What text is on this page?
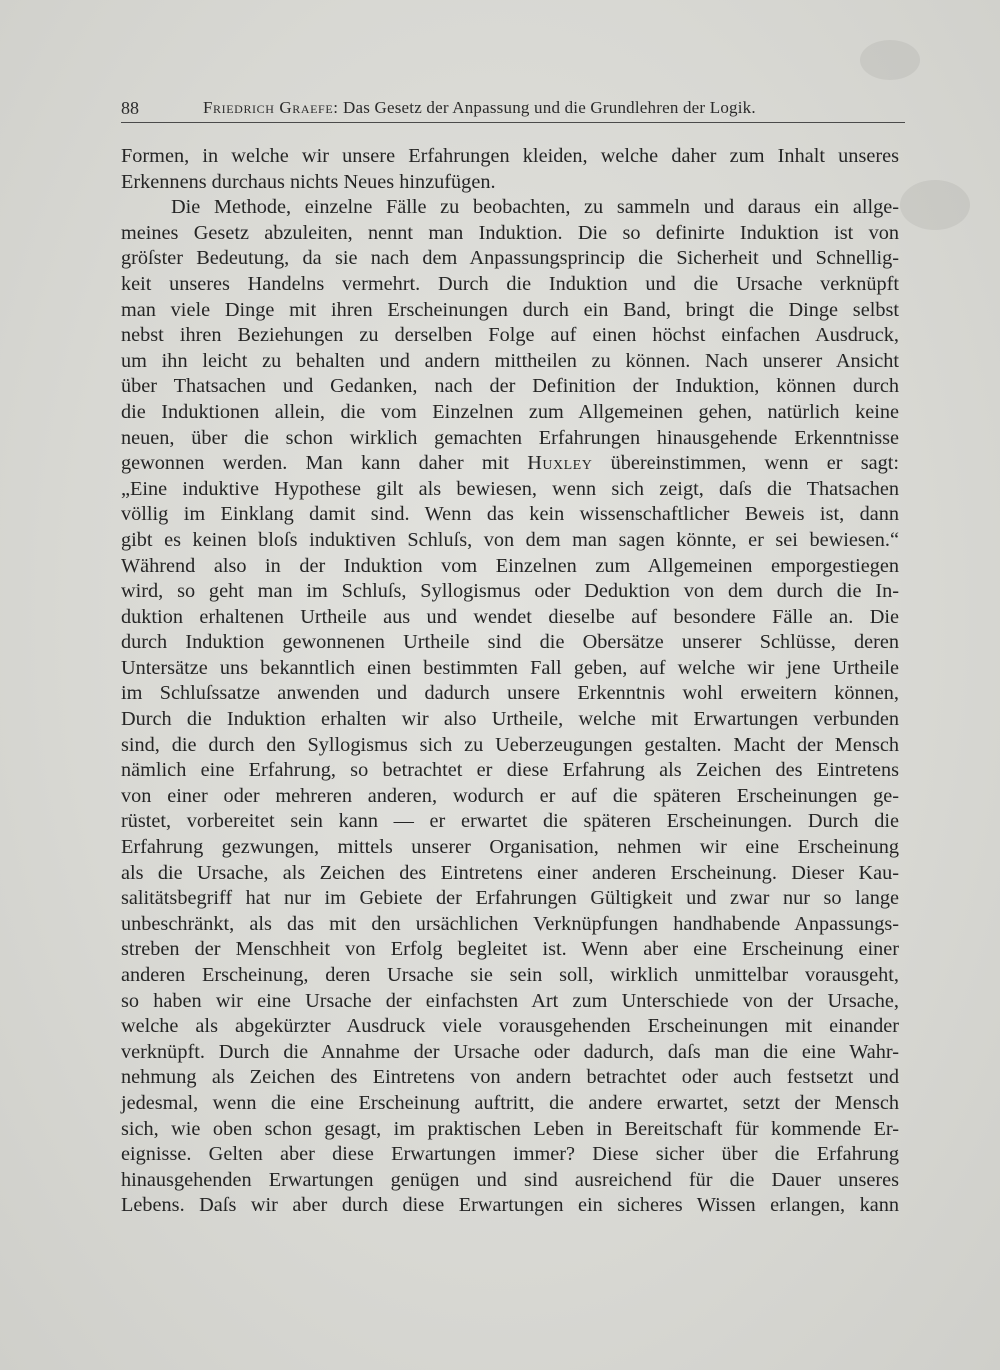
88	Friedrich Graefe: Das Gesetz der Anpassung und die Grundlehren der Logik.
Formen, in welche wir unsere Erfahrungen kleiden, welche daher zum Inhalt unseres
Erkennens durchaus nichts Neues hinzufügen.
Die Methode, einzelne Fälle zu beobachten, zu sammeln und daraus ein allge-
meines Gesetz abzuleiten, nennt man Induktion. Die so definirte Induktion ist von
gröſster Bedeutung, da sie nach dem Anpassungsprincip die Sicherheit und Schnellig-
keit unseres Handelns vermehrt. Durch die Induktion und die Ursache verknüpft
man viele Dinge mit ihren Erscheinungen durch ein Band, bringt die Dinge selbst
nebst ihren Beziehungen zu derselben Folge auf einen höchst einfachen Ausdruck,
um ihn leicht zu behalten und andern mittheilen zu können. Nach unserer Ansicht
über Thatsachen und Gedanken, nach der Definition der Induktion, können durch
die Induktionen allein, die vom Einzelnen zum Allgemeinen gehen, natürlich keine
neuen, über die schon wirklich gemachten Erfahrungen hinausgehende Erkenntnisse
gewonnen werden. Man kann daher mit Huxley übereinstimmen, wenn er sagt:
„Eine induktive Hypothese gilt als bewiesen, wenn sich zeigt, daſs die Thatsachen
völlig im Einklang damit sind. Wenn das kein wissenschaftlicher Beweis ist, dann
gibt es keinen bloſs induktiven Schluſs, von dem man sagen könnte, er sei bewiesen.“
Während also in der Induktion vom Einzelnen zum Allgemeinen emporgestiegen
wird, so geht man im Schluſs, Syllogismus oder Deduktion von dem durch die In-
duktion erhaltenen Urtheile aus und wendet dieselbe auf besondere Fälle an. Die
durch Induktion gewonnenen Urtheile sind die Obersätze unserer Schlüsse, deren
Untersätze uns bekanntlich einen bestimmten Fall geben, auf welche wir jene Urtheile
im Schluſssatze anwenden und dadurch unsere Erkenntnis wohl erweitern können,
Durch die Induktion erhalten wir also Urtheile, welche mit Erwartungen verbunden
sind, die durch den Syllogismus sich zu Ueberzeugungen gestalten. Macht der Mensch
nämlich eine Erfahrung, so betrachtet er diese Erfahrung als Zeichen des Eintretens
von einer oder mehreren anderen, wodurch er auf die späteren Erscheinungen ge-
rüstet, vorbereitet sein kann — er erwartet die späteren Erscheinungen. Durch die
Erfahrung gezwungen, mittels unserer Organisation, nehmen wir eine Erscheinung
als die Ursache, als Zeichen des Eintretens einer anderen Erscheinung. Dieser Kau-
salitätsbegriff hat nur im Gebiete der Erfahrungen Gültigkeit und zwar nur so lange
unbeschränkt, als das mit den ursächlichen Verknüpfungen handhabende Anpassungs-
streben der Menschheit von Erfolg begleitet ist. Wenn aber eine Erscheinung einer
anderen Erscheinung, deren Ursache sie sein soll, wirklich unmittelbar vorausgeht,
so haben wir eine Ursache der einfachsten Art zum Unterschiede von der Ursache,
welche als abgekürzter Ausdruck viele vorausgehenden Erscheinungen mit einander
verknüpft. Durch die Annahme der Ursache oder dadurch, daſs man die eine Wahr-
nehmung als Zeichen des Eintretens von andern betrachtet oder auch festsetzt und
jedesmal, wenn die eine Erscheinung auftritt, die andere erwartet, setzt der Mensch
sich, wie oben schon gesagt, im praktischen Leben in Bereitschaft für kommende Er-
eignisse. Gelten aber diese Erwartungen immer? Diese sicher über die Erfahrung
hinausgehenden Erwartungen genügen und sind ausreichend für die Dauer unseres
Lebens. Daſs wir aber durch diese Erwartungen ein sicheres Wissen erlangen, kann
